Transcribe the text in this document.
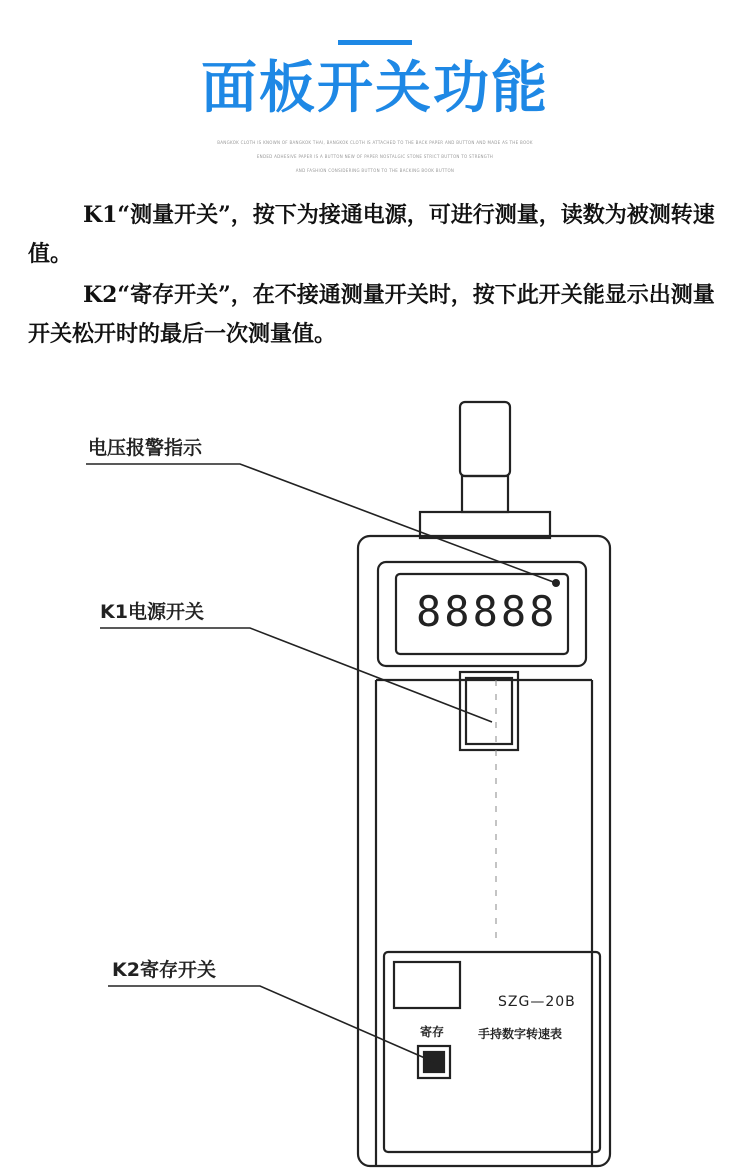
面板开关功能
BANGKOK CLOTH IS KNOWN OF BANGKOK THAI, BANGKOK CLOTH IS ATTACHED TO THE BACK PAPER AND BUTTON AND MADE AS THE BOOK
ENDED ADHESIVE PAPER IS A BUTTON NEW OF PAPER NOSTALGIC STONE STRICT BUTTON TO STRENGTH
AND FASHION CONSIDERING BUTTON TO THE BACKING BOOK BUTTON

K1“测量开关”，按下为接通电源，可进行测量，读数为被测转速值。

K2“寄存开关”，在不接通测量开关时，按下此开关能显示出测量开关松开时的最后一次测量值。

88888
电压报警指示
K1电源开关
K2寄存开关
SZG—20B
寄存	手持数字转速表
